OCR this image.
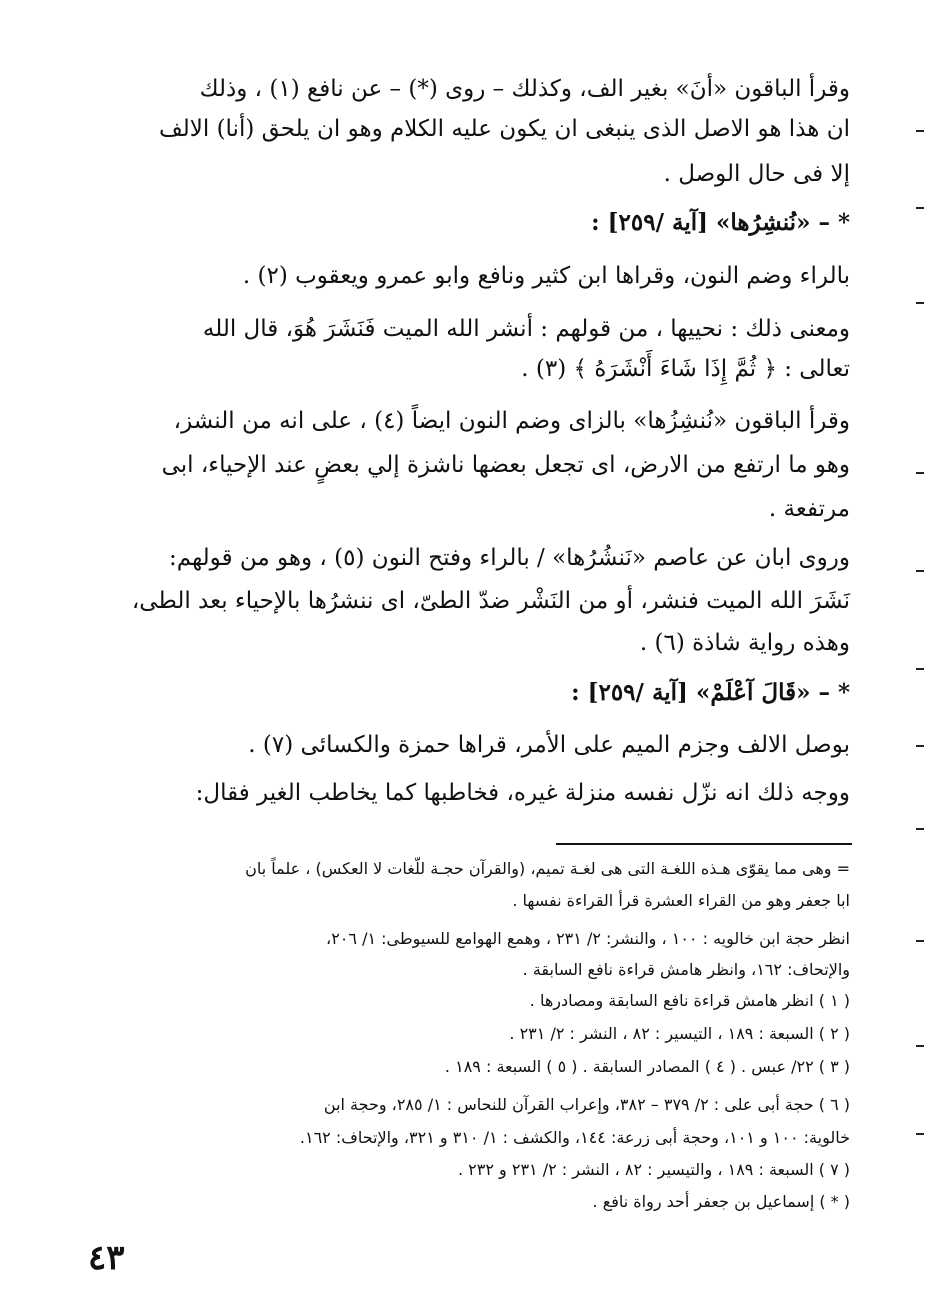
وقرأ الباقون «أنَ» بغير الف، وكذلك – روى (*) – عن نافع (١) ، وذلك
ان هذا هو الاصل الذى ينبغى ان يكون عليه الكلام وهو ان يلحق (أنا) الالف
إلا فى حال الوصل .
* – «نُنشِرُها» [آية /٢٥٩] :
بالراء وضم النون، وقراها ابن كثير ونافع وابو عمرو ويعقوب (٢) .
ومعنى ذلك : نحييها ، من قولهم : أنشر الله الميت فَنَشَرَ هُوَ، قال الله
تعالى : ﴿ ثُمَّ إِذَا شَاءَ أَنْشَرَهُ ﴾ (٣) .
وقرأ الباقون «نُنشِزُها» بالزاى وضم النون ايضاً (٤) ، على انه من النشز،
وهو ما ارتفع من الارض، اى تجعل بعضها ناشزة إلي بعضٍ عند الإحياء، ابى
مرتفعة .
وروى ابان عن عاصم «نَنشُرُها» / بالراء وفتح النون (٥) ، وهو من قولهم:
نَشَرَ الله الميت فنشر، أو من النَشْر ضدّ الطىّ، اى ننشرُها بالإحياء بعد الطى،
وهذه رواية شاذة (٦) .
* – «قَالَ آعْلَمْ» [آية /٢٥٩] :
بوصل الالف وجزم الميم على الأمر، قراها حمزة والكسائى (٧) .
ووجه ذلك انه نزّل نفسه منزلة غيره، فخاطبها كما يخاطب الغير فقال:
= وهى مما يقوّى هـذه اللغـة التى هى لغـة تميم، (والقرآن حجـة للّغات لا العكس) ، علماً بان
ابا جعفر وهو من القراء العشرة قرأ القراءة نفسها .
انظر حجة ابن خالويه : ١٠٠ ، والنشر: ٢/ ٢٣١ ، وهمع الهوامع للسيوطى: ١/ ٢٠٦،
والإتحاف: ١٦٢، وانظر هامش قراءة نافع السابقة .
( ١ ) انظر هامش قراءة نافع السابقة ومصادرها .
( ٢ ) السبعة : ١٨٩ ، التيسير : ٨٢ ، النشر : ٢/ ٢٣١ .
( ٣ ) ٢٢/ عبس . ( ٤ ) المصادر السابقة . ( ٥ ) السبعة : ١٨٩ .
( ٦ ) حجة أبى على : ٢/ ٣٧٩ – ٣٨٢، وإعراب القرآن للنحاس : ١/ ٢٨٥، وحجة ابن
خالوية: ١٠٠ و ١٠١، وحجة أبى زرعة: ١٤٤، والكشف : ١/ ٣١٠ و ٣٢١، والإتحاف: ١٦٢.
( ٧ ) السبعة : ١٨٩ ، والتيسير : ٨٢ ، النشر : ٢/ ٢٣١ و ٢٣٢ .
( * ) إسماعيل بن جعفر أحد رواة نافع .
٤٣
